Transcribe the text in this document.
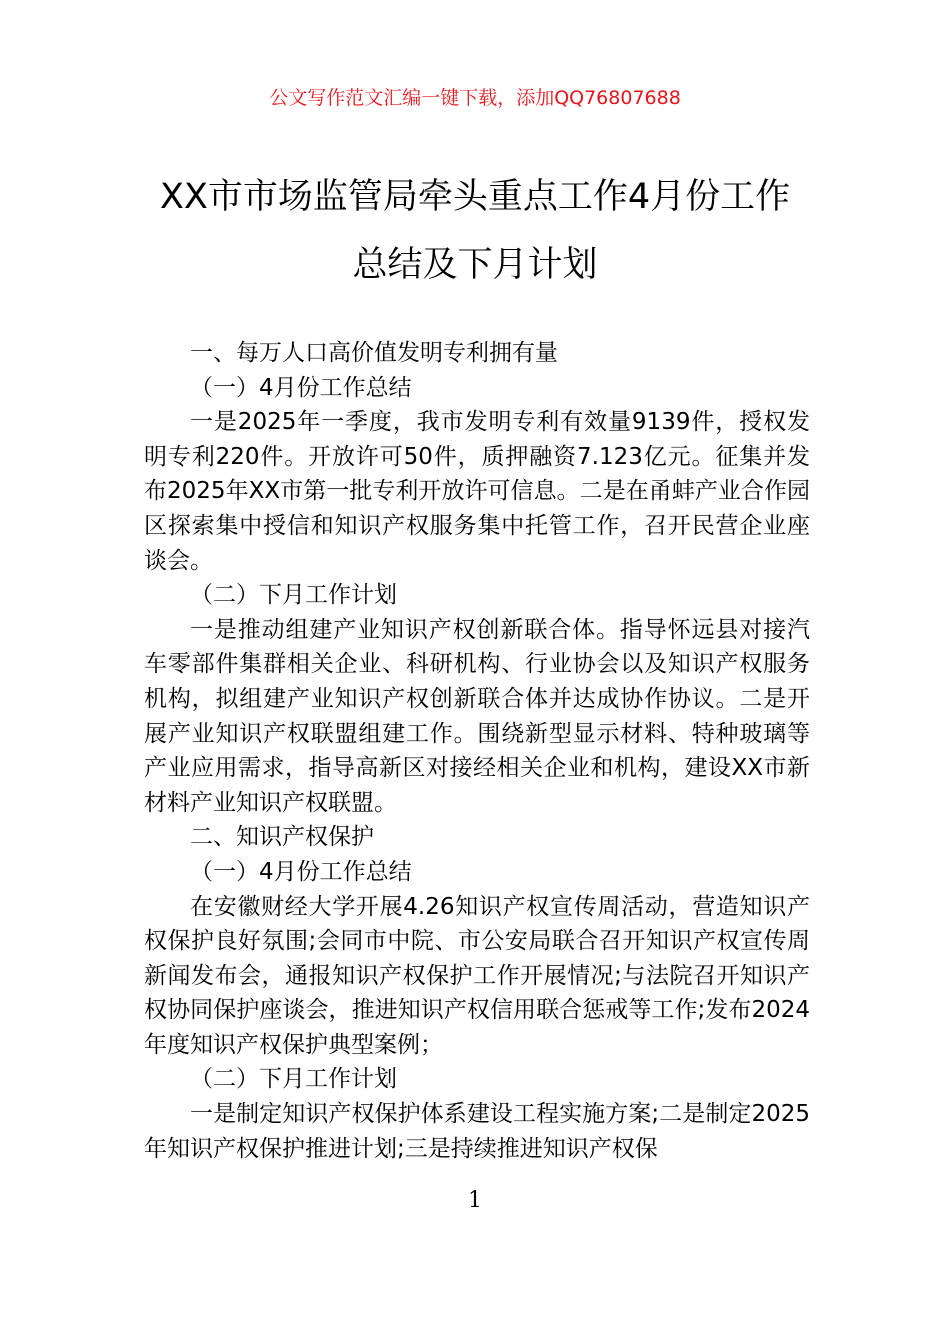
公文写作范文汇编一键下载，添加QQ76807688
XX市市场监管局牵头重点工作4月份工作
总结及下月计划

一、每万人口高价值发明专利拥有量

（一）4月份工作总结

一是2025年一季度，我市发明专利有效量9139件，授权发明专利220件。开放许可50件，质押融资7.123亿元。征集并发布2025年XX市第一批专利开放许可信息。二是在甬蚌产业合作园区探索集中授信和知识产权服务集中托管工作，召开民营企业座谈会。

（二）下月工作计划

一是推动组建产业知识产权创新联合体。指导怀远县对接汽车零部件集群相关企业、科研机构、行业协会以及知识产权服务机构，拟组建产业知识产权创新联合体并达成协作协议。二是开展产业知识产权联盟组建工作。围绕新型显示材料、特种玻璃等产业应用需求，指导高新区对接经相关企业和机构，建设XX市新材料产业知识产权联盟。

二、知识产权保护

（一）4月份工作总结

在安徽财经大学开展4.26知识产权宣传周活动，营造知识产权保护良好氛围;会同市中院、市公安局联合召开知识产权宣传周新闻发布会，通报知识产权保护工作开展情况;与法院召开知识产权协同保护座谈会，推进知识产权信用联合惩戒等工作;发布2024年度知识产权保护典型案例；

（二）下月工作计划

一是制定知识产权保护体系建设工程实施方案;二是制定2025年知识产权保护推进计划;三是持续推进知识产权保

1
